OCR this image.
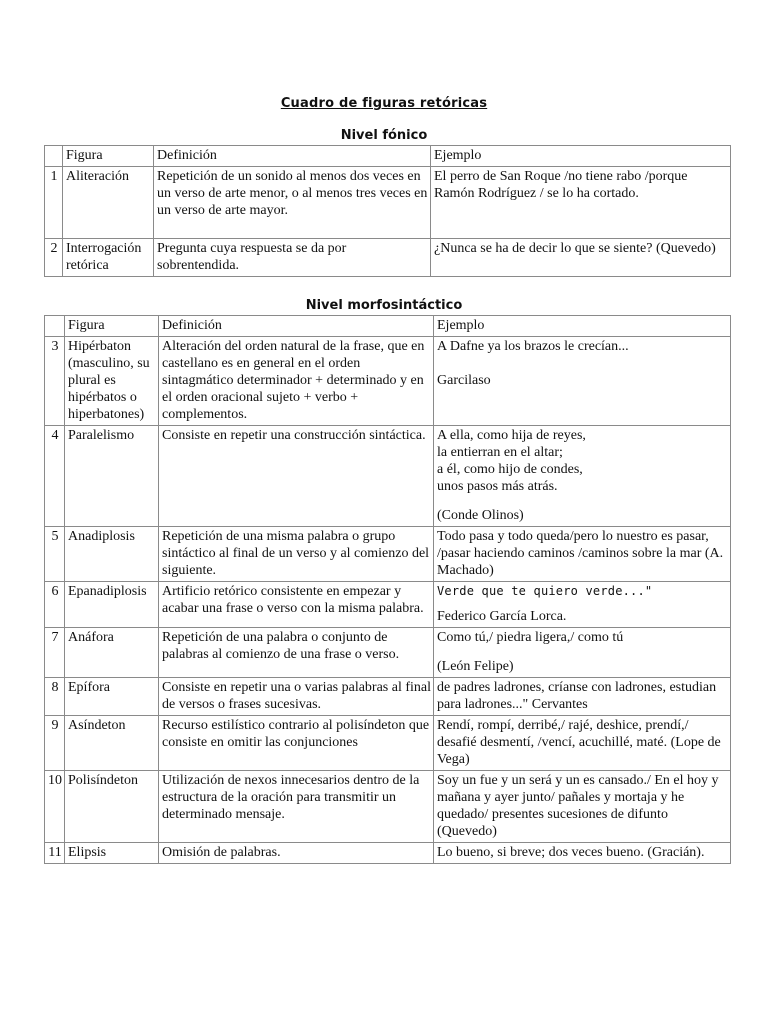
Cuadro de figuras retóricas
Nivel fónico
	Figura	Definición	Ejemplo
1	Aliteración	Repetición de un sonido al menos dos veces en un verso de arte menor, o al menos tres veces en un verso de arte mayor.	El perro de San Roque /no tiene rabo /porque Ramón Rodríguez / se lo ha cortado.
2	Interrogación retórica	Pregunta cuya respuesta se da por sobrentendida.	¿Nunca se ha de decir lo que se siente? (Quevedo)
Nivel morfosintáctico
	Figura	Definición	Ejemplo
3	Hipérbaton (masculino, su plural es hipérbatos o hiperbatones)	Alteración del orden natural de la frase, que en castellano es en general en el orden sintagmático determinador + determinado y en el orden oracional sujeto + verbo + complementos.	A Dafne ya los brazos le crecían...
Garcilaso

4	Paralelismo	Consiste en repetir una construcción sintáctica.	A ella, como hija de reyes,
la entierran en el altar;
a él, como hijo de condes,
unos pasos más atrás.
(Conde Olinos)

5	Anadiplosis	Repetición de una misma palabra o grupo sintáctico al final de un verso y al comienzo del siguiente.	Todo pasa y todo queda/pero lo nuestro es pasar, /pasar haciendo caminos /caminos sobre la mar (A. Machado)
6	Epanadiplosis	Artificio retórico consistente en empezar y acabar una frase o verso con la misma palabra.	Verde que te quiero verde..."
Federico García Lorca.

7	Anáfora	Repetición de una palabra o conjunto de palabras al comienzo de una frase o verso.	Como tú,/ piedra ligera,/ como tú
(León Felipe)

8	Epífora	Consiste en repetir una o varias palabras al final de versos o frases sucesivas.	de padres ladrones, críanse con ladrones, estudian para ladrones..." Cervantes
9	Asíndeton	Recurso estilístico contrario al polisíndeton que consiste en omitir las conjunciones	Rendí, rompí, derribé,/ rajé, deshice, prendí,/ desafié desmentí, /vencí, acuchillé, maté. (Lope de Vega)
10	Polisíndeton	Utilización de nexos innecesarios dentro de la estructura de la oración para transmitir un determinado mensaje.	Soy un fue y un será y un es cansado./ En el hoy y mañana y ayer junto/ pañales y mortaja y he quedado/ presentes sucesiones de difunto (Quevedo)
11	Elipsis	Omisión de palabras.	Lo bueno, si breve; dos veces bueno. (Gracián).
